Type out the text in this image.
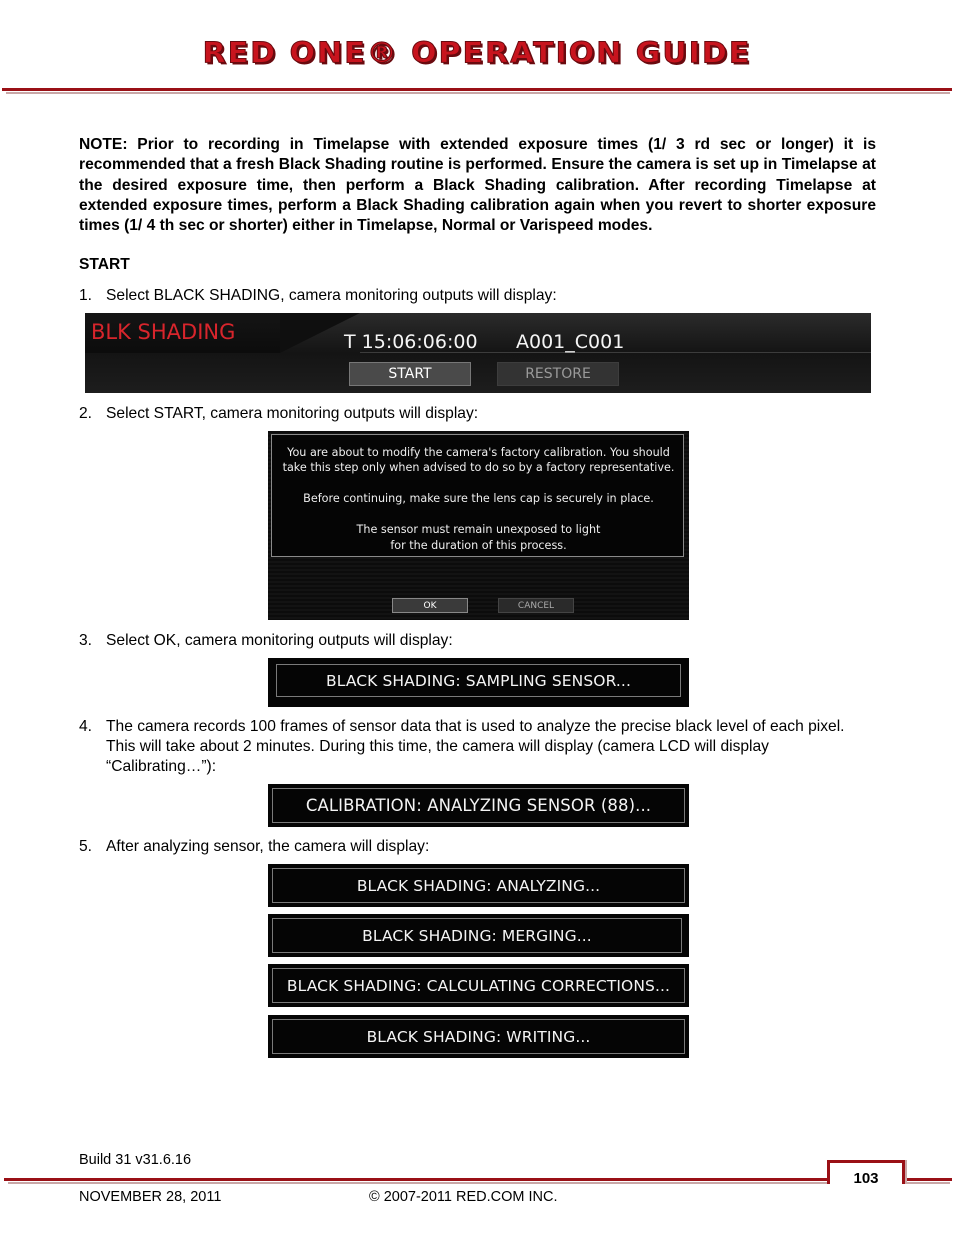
RED ONE® OPERATION GUIDE

NOTE: Prior to recording in Timelapse with extended exposure times (1/ 3 rd sec or longer) it is recommended that a fresh Black Shading routine is performed. Ensure the camera is set up in Timelapse at the desired exposure time, then perform a Black Shading calibration. After recording Timelapse at extended exposure times, perform a Black Shading calibration again when you revert to shorter exposure times (1/ 4 th sec or shorter) either in Timelapse, Normal or Varispeed modes.

START
1. Select BLACK SHADING, camera monitoring outputs will display:
BLK SHADING	T 15:06:06:00 A001_C001
START	RESTORE
2. Select START, camera monitoring outputs will display:
You are about to modify the camera's factory calibration. You should
take this step only when advised to do so by a factory representative.
Before continuing, make sure the lens cap is securely in place.
The sensor must remain unexposed to light
for the duration of this process.
OK	CANCEL
3. Select OK, camera monitoring outputs will display:
BLACK SHADING: SAMPLING SENSOR...
4. The camera records 100 frames of sensor data that is used to analyze the precise black level of each pixel. This will take about 2 minutes. During this time, the camera will display (camera LCD will display “Calibrating…”):
CALIBRATION: ANALYZING SENSOR (88)...
5. After analyzing sensor, the camera will display:
BLACK SHADING: ANALYZING...
BLACK SHADING: MERGING...
BLACK SHADING: CALCULATING CORRECTIONS...
BLACK SHADING: WRITING...
Build 31 v31.6.16
103
NOVEMBER 28, 2011	© 2007-2011 RED.COM INC.
